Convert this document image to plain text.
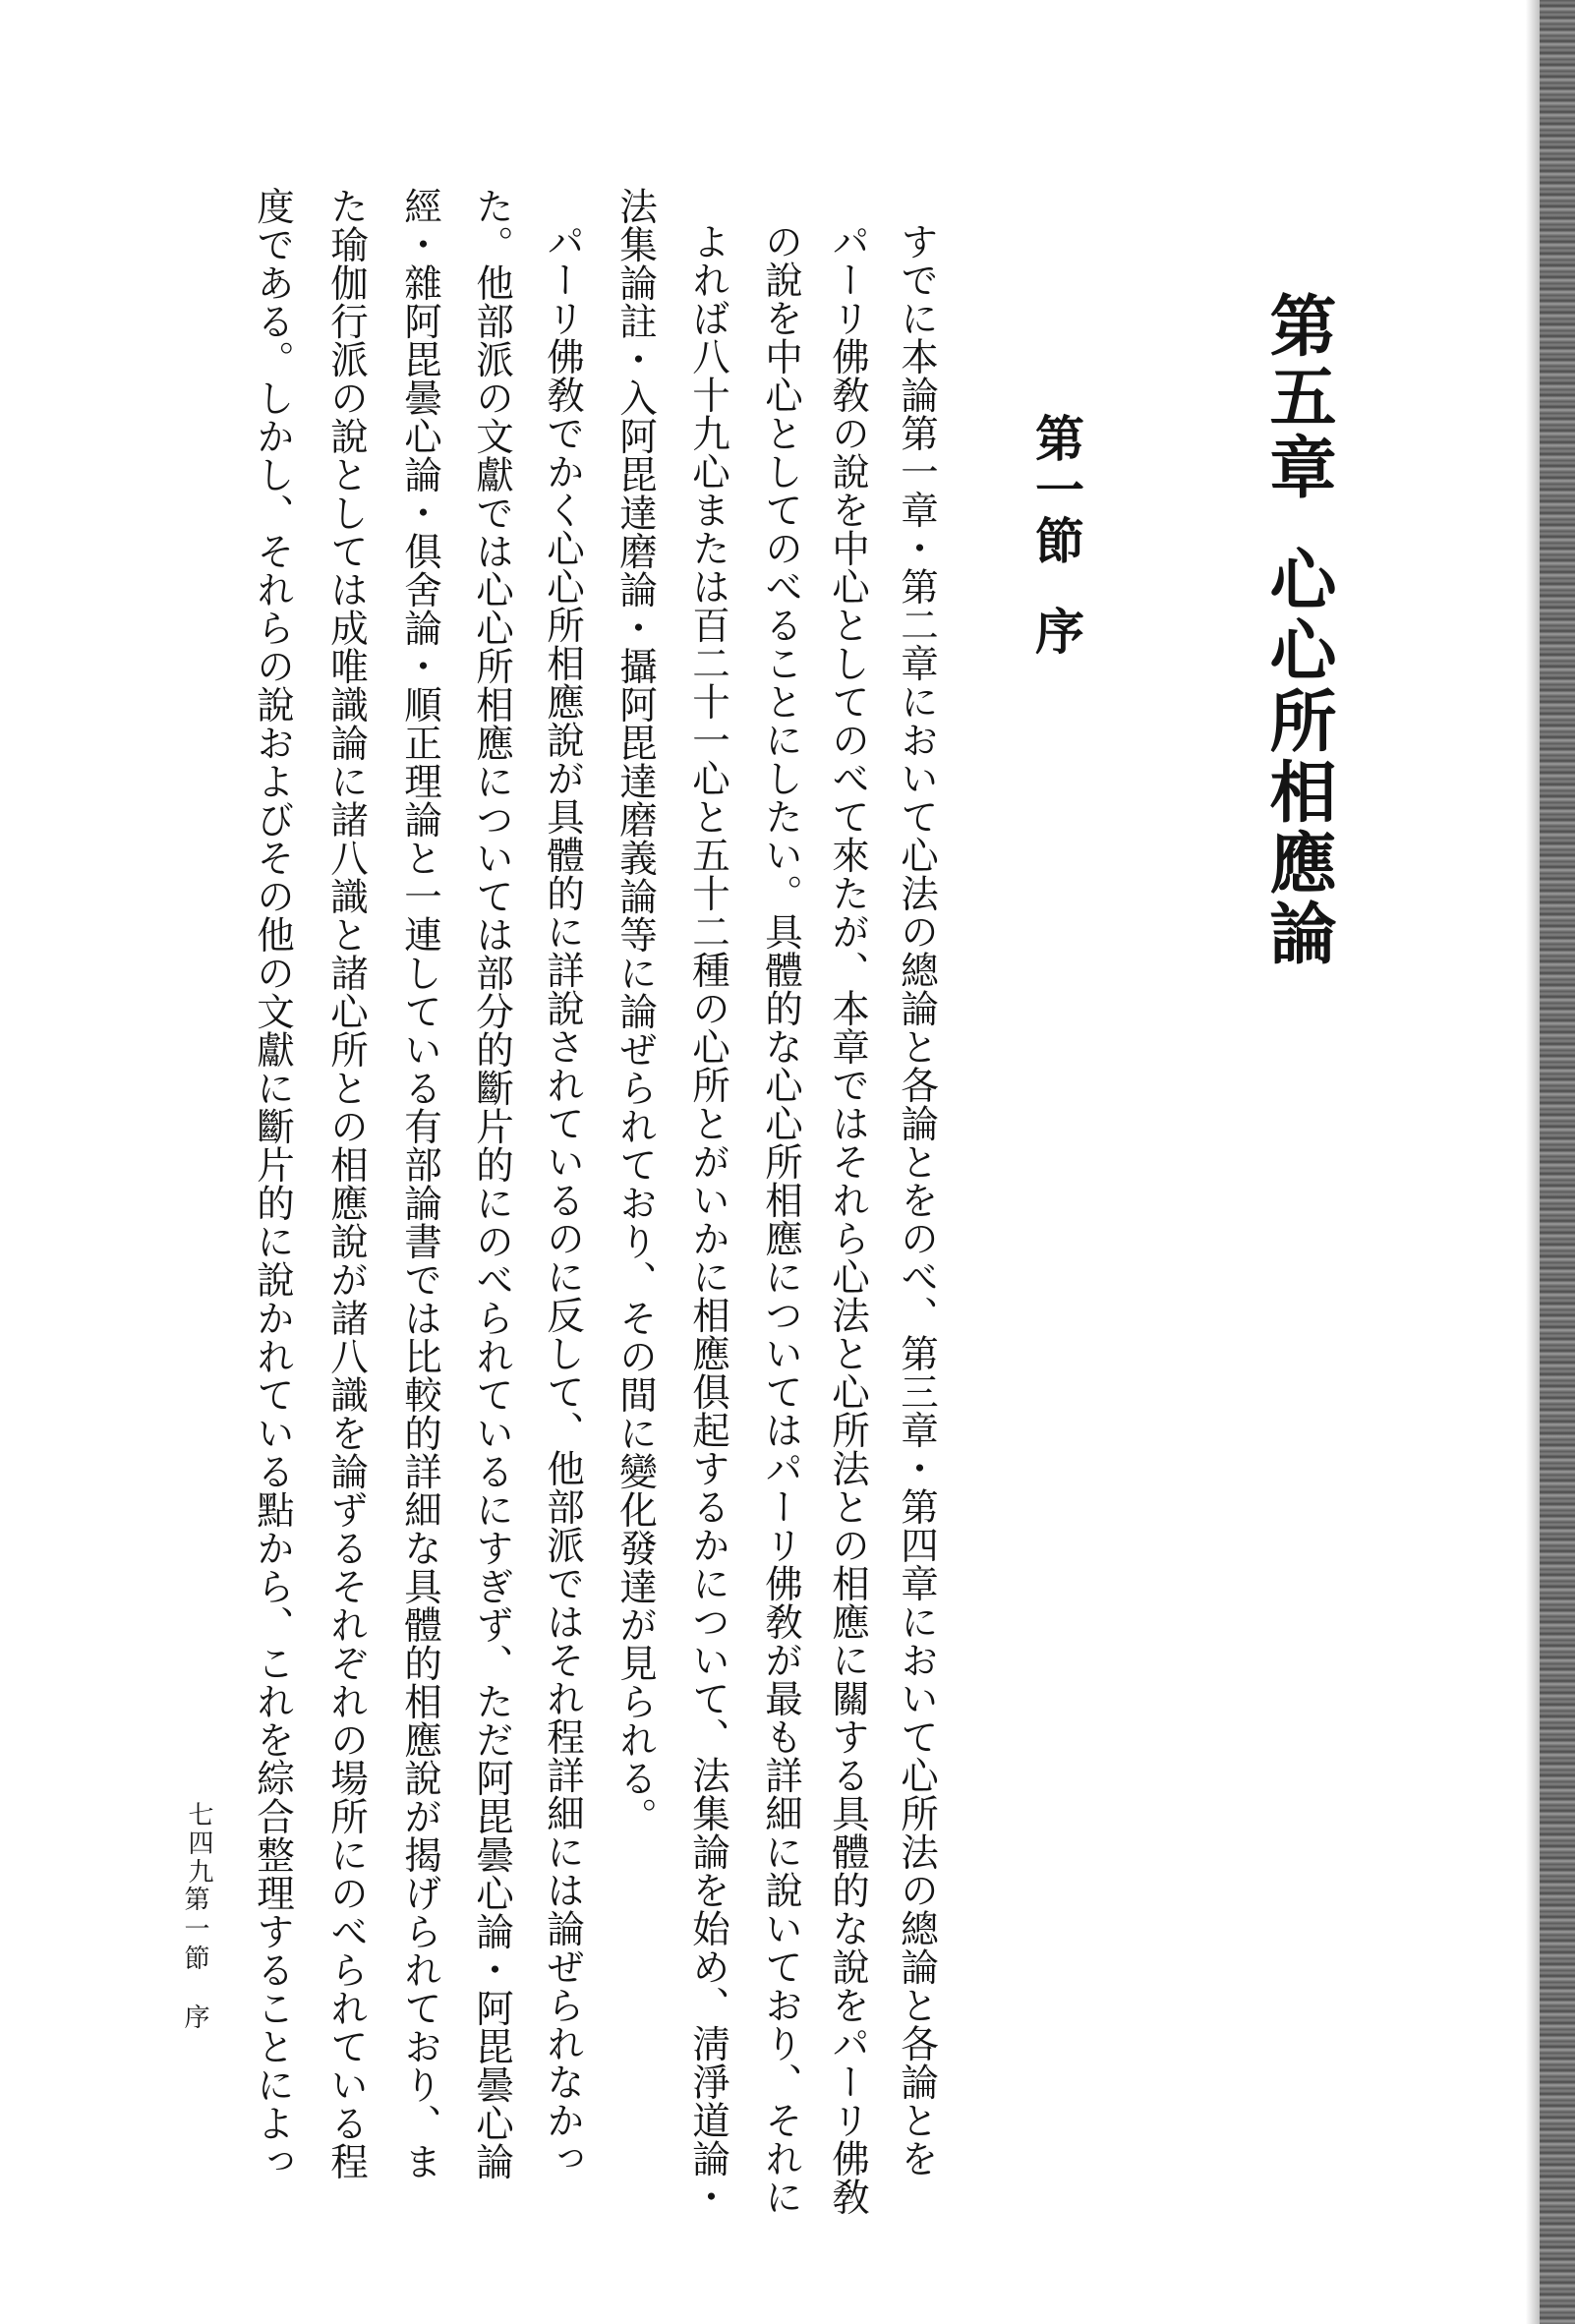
第五章心心所相應論
第一節序

すでに本論第一章・第二章において心法の總論と各論とをのべ、第三章・第四章において心所法の總論と各論とを

パーリ佛敎の說を中心としてのべて來たが、本章ではそれら心法と心所法との相應に關する具體的な說をパーリ佛敎

の說を中心としてのべることにしたい。具體的な心心所相應についてはパーリ佛敎が最も詳細に說いており、それに

よれば八十九心または百二十一心と五十二種の心所とがいかに相應俱起するかについて、法集論を始め、淸淨道論・

法集論註・入阿毘達磨論・攝阿毘達磨義論等に論ぜられており、その間に變化發達が見られる。

パーリ佛敎でかく心心所相應說が具體的に詳說されているのに反して、他部派ではそれ程詳細には論ぜられなかっ

た。他部派の文獻では心心所相應については部分的斷片的にのべられているにすぎず、ただ阿毘曇心論・阿毘曇心論

經・雜阿毘曇心論・俱舍論・順正理論と一連している有部論書では比較的詳細な具體的相應說が揭げられており、ま

た瑜伽行派の說としては成唯識論に諸八識と諸心所との相應說が諸八識を論ずるそれぞれの場所にのべられている程

度である。しかし、それらの說およびその他の文獻に斷片的に說かれている點から、これを綜合整理することによっ

七四九
第一節序
